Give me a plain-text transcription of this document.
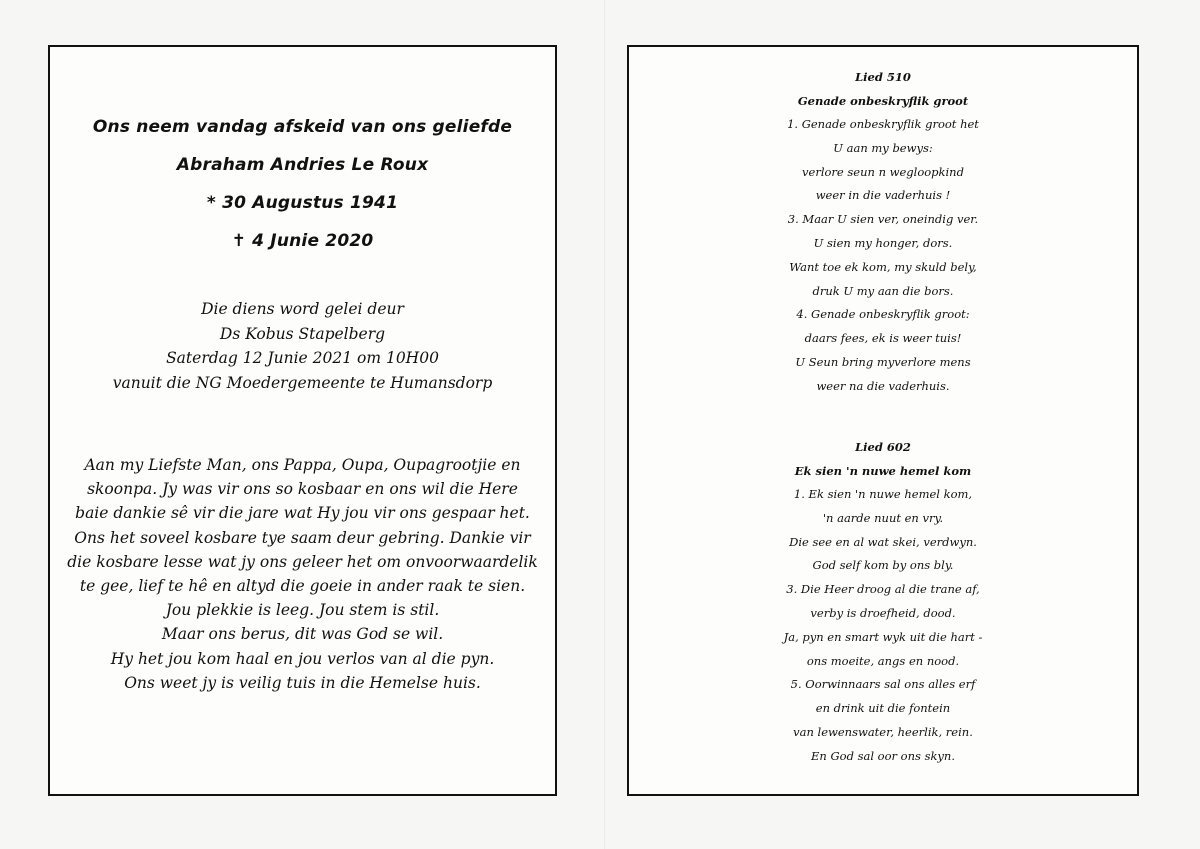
Ons neem vandag afskeid van ons geliefde
Abraham Andries Le Roux
* 30 Augustus 1941
✝ 4 Junie 2020
Die diens word gelei deur
Ds Kobus Stapelberg
Saterdag 12 Junie 2021 om 10H00
vanuit die NG Moedergemeente te Humansdorp
Aan my Liefste Man, ons Pappa, Oupa, Oupagrootjie en
skoonpa. Jy was vir ons so kosbaar en ons wil die Here
baie dankie sê vir die jare wat Hy jou vir ons gespaar het.
Ons het soveel kosbare tye saam deur gebring. Dankie vir
die kosbare lesse wat jy ons geleer het om onvoorwaardelik
te gee, lief te hê en altyd die goeie in ander raak te sien.
Jou plekkie is leeg. Jou stem is stil.
Maar ons berus, dit was God se wil.
Hy het jou kom haal en jou verlos van al die pyn.
Ons weet jy is veilig tuis in die Hemelse huis.
Lied 510
Genade onbeskryflik groot
1. Genade onbeskryflik groot het
U aan my bewys:
verlore seun n wegloopkind
weer in die vaderhuis !
3. Maar U sien ver, oneindig ver.
U sien my honger, dors.
Want toe ek kom, my skuld bely,
druk U my aan die bors.
4. Genade onbeskryflik groot:
daars fees, ek is weer tuis!
U Seun bring myverlore mens
weer na die vaderhuis.
Lied 602
Ek sien 'n nuwe hemel kom
1. Ek sien 'n nuwe hemel kom,
'n aarde nuut en vry.
Die see en al wat skei, verdwyn.
God self kom by ons bly.
3. Die Heer droog al die trane af,
verby is droefheid, dood.
Ja, pyn en smart wyk uit die hart -
ons moeite, angs en nood.
5. Oorwinnaars sal ons alles erf
en drink uit die fontein
van lewenswater, heerlik, rein.
En God sal oor ons skyn.
